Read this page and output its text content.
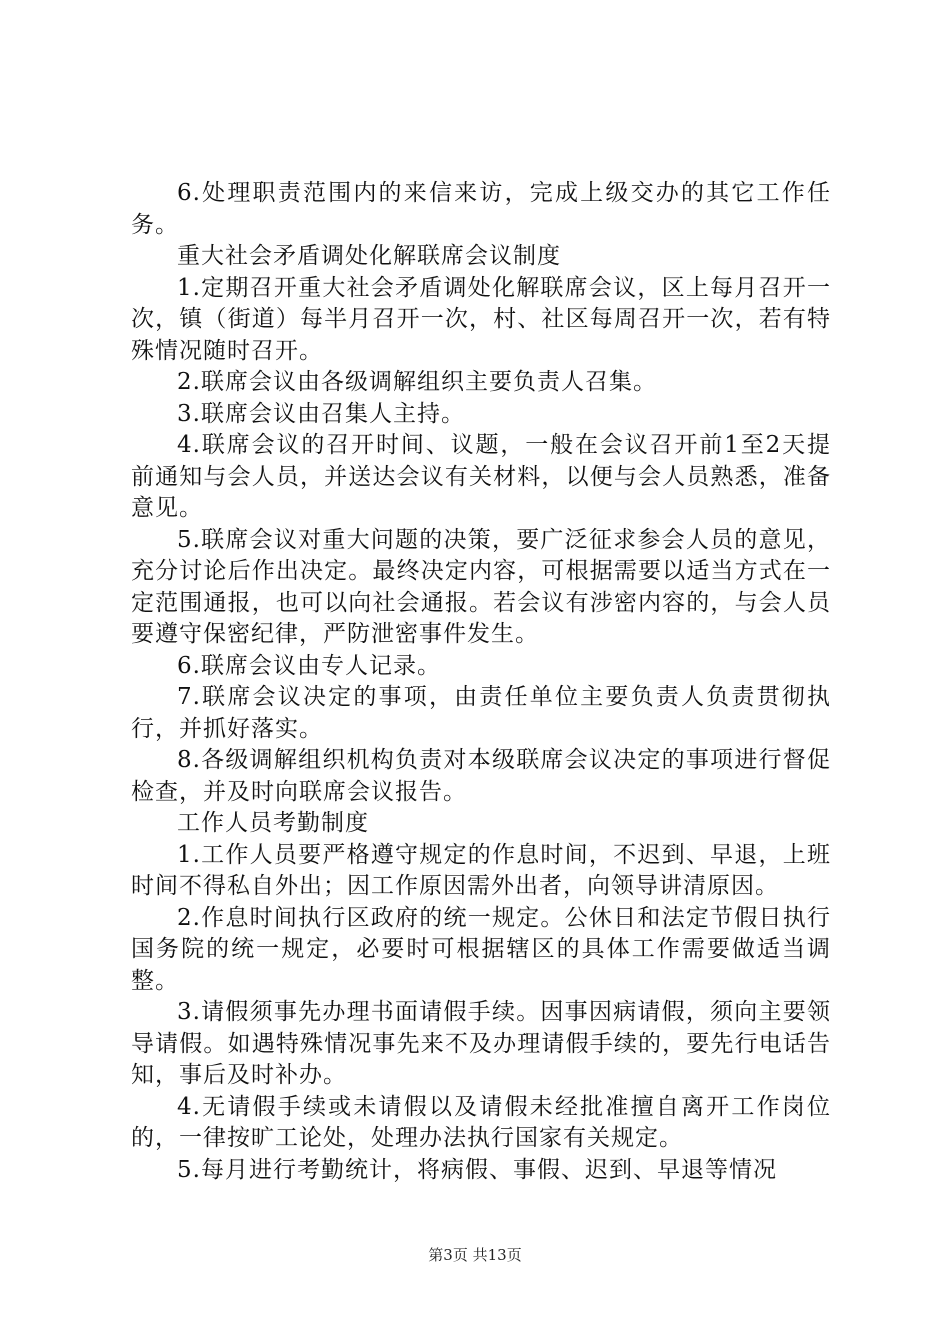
6.处理职责范围内的来信来访，完成上级交办的其它工作任务。

重大社会矛盾调处化解联席会议制度

1.定期召开重大社会矛盾调处化解联席会议，区上每月召开一次，镇（街道）每半月召开一次，村、社区每周召开一次，若有特殊情况随时召开。

2.联席会议由各级调解组织主要负责人召集。

3.联席会议由召集人主持。

4.联席会议的召开时间、议题，一般在会议召开前1至2天提前通知与会人员，并送达会议有关材料，以便与会人员熟悉，准备意见。

5.联席会议对重大问题的决策，要广泛征求参会人员的意见，充分讨论后作出决定。最终决定内容，可根据需要以适当方式在一定范围通报，也可以向社会通报。若会议有涉密内容的，与会人员要遵守保密纪律，严防泄密事件发生。

6.联席会议由专人记录。

7.联席会议决定的事项，由责任单位主要负责人负责贯彻执行，并抓好落实。

8.各级调解组织机构负责对本级联席会议决定的事项进行督促检查，并及时向联席会议报告。

工作人员考勤制度

1.工作人员要严格遵守规定的作息时间，不迟到、早退，上班时间不得私自外出；因工作原因需外出者，向领导讲清原因。

2.作息时间执行区政府的统一规定。公休日和法定节假日执行国务院的统一规定，必要时可根据辖区的具体工作需要做适当调整。

3.请假须事先办理书面请假手续。因事因病请假，须向主要领导请假。如遇特殊情况事先来不及办理请假手续的，要先行电话告知，事后及时补办。

4.无请假手续或未请假以及请假未经批准擅自离开工作岗位的，一律按旷工论处，处理办法执行国家有关规定。

5.每月进行考勤统计，将病假、事假、迟到、早退等情况

第3页 共13页
